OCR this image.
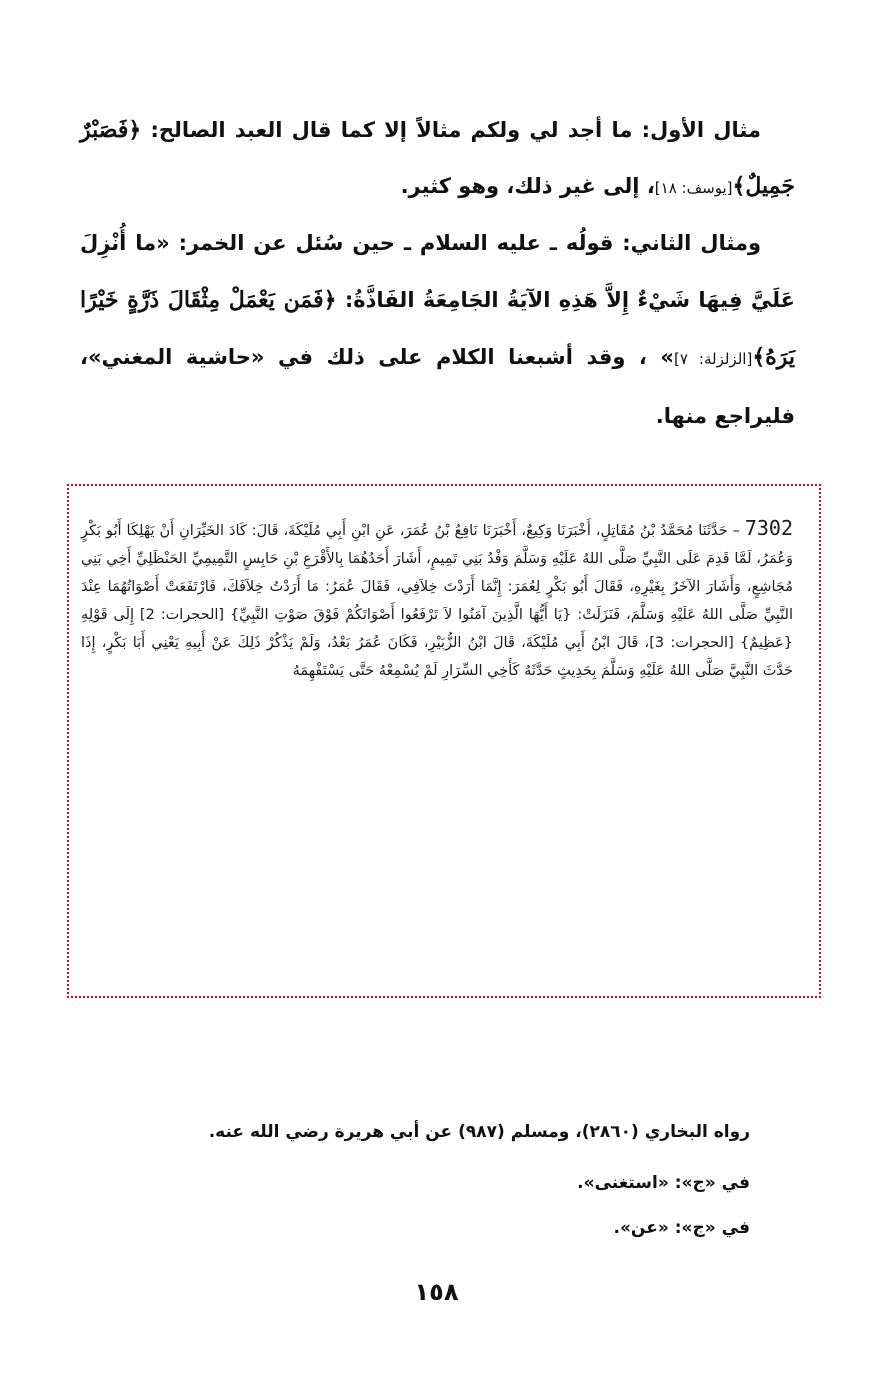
مثال الأول: ما أجد لي ولكم مثالاً إلا كما قال العبد الصالح: ﴿فَصَبْرٌ جَمِيلٌ﴾[يوسف: ١٨]، إلى غير ذلك، وهو كثير.
ومثال الثاني: قولُه ـ عليه السلام ـ حين سُئل عن الخمر: «ما أُنْزِلَ عَلَيَّ فِيهَا شَيْءٌ إِلاَّ هَذِهِ الآيَةُ الجَامِعَةُ الفَاذَّةُ: ﴿فَمَن يَعْمَلْ مِثْقَالَ ذَرَّةٍ خَيْرًا يَرَهُ﴾[الزلزلة: ٧]» ، وقد أشبعنا الكلام على ذلك في «حاشية المغني»، فليراجع منها.
7302 – حَدَّثَنَا مُحَمَّدُ بْنُ مُقَاتِلٍ، أَخْبَرَنَا وَكِيعٌ، أَخْبَرَنَا نَافِعُ بْنُ عُمَرَ، عَنِ ابْنِ أَبِي مُلَيْكَةَ، قَالَ: كَادَ الخَيِّرَانِ أَنْ يَهْلِكَا أَبُو بَكْرٍ وَعُمَرُ، لَمَّا قَدِمَ عَلَى النَّبِيِّ صَلَّى اللهُ عَلَيْهِ وَسَلَّمَ وَفْدُ بَنِي تَمِيمٍ، أَشَارَ أَحَدُهُمَا بِالأَقْرَعِ بْنِ حَابِسٍ التَّمِيمِيِّ الحَنْظَلِيِّ أَخِي بَنِي مُجَاشِعٍ، وَأَشَارَ الآخَرُ بِغَيْرِهِ، فَقَالَ أَبُو بَكْرٍ لِعُمَرَ: إِنَّمَا أَرَدْتَ خِلاَفِي، فَقَالَ عُمَرُ: مَا أَرَدْتُ خِلاَفَكَ، فَارْتَفَعَتْ أَصْوَاتُهُمَا عِنْدَ النَّبِيِّ صَلَّى اللهُ عَلَيْهِ وَسَلَّمَ، فَنَزَلَتْ: {يَا أَيُّهَا الَّذِينَ آمَنُوا لاَ تَرْفَعُوا أَصْوَاتَكُمْ فَوْقَ صَوْتِ النَّبِيِّ} [الحجرات: 2] إِلَى قَوْلِهِ {عَظِيمٌ} [الحجرات: 3]، قَالَ ابْنُ أَبِي مُلَيْكَةَ، قَالَ ابْنُ الزُّبَيْرِ، فَكَانَ عُمَرُ بَعْدُ، وَلَمْ يَذْكُرْ ذَلِكَ عَنْ أَبِيهِ يَعْنِي أَبَا بَكْرٍ، إِذَا حَدَّثَ النَّبِيَّ صَلَّى اللهُ عَلَيْهِ وَسَلَّمَ بِحَدِيثٍ حَدَّثَهُ كَأَخِي السِّرَارِ لَمْ يُسْمِعْهُ حَتَّى يَسْتَفْهِمَهُ
رواه البخاري (٢٨٦٠)، ومسلم (٩٨٧) عن أبي هريرة رضي الله عنه.
في «ج»: «استغنى».
في «ج»: «عن».
١٥٨
